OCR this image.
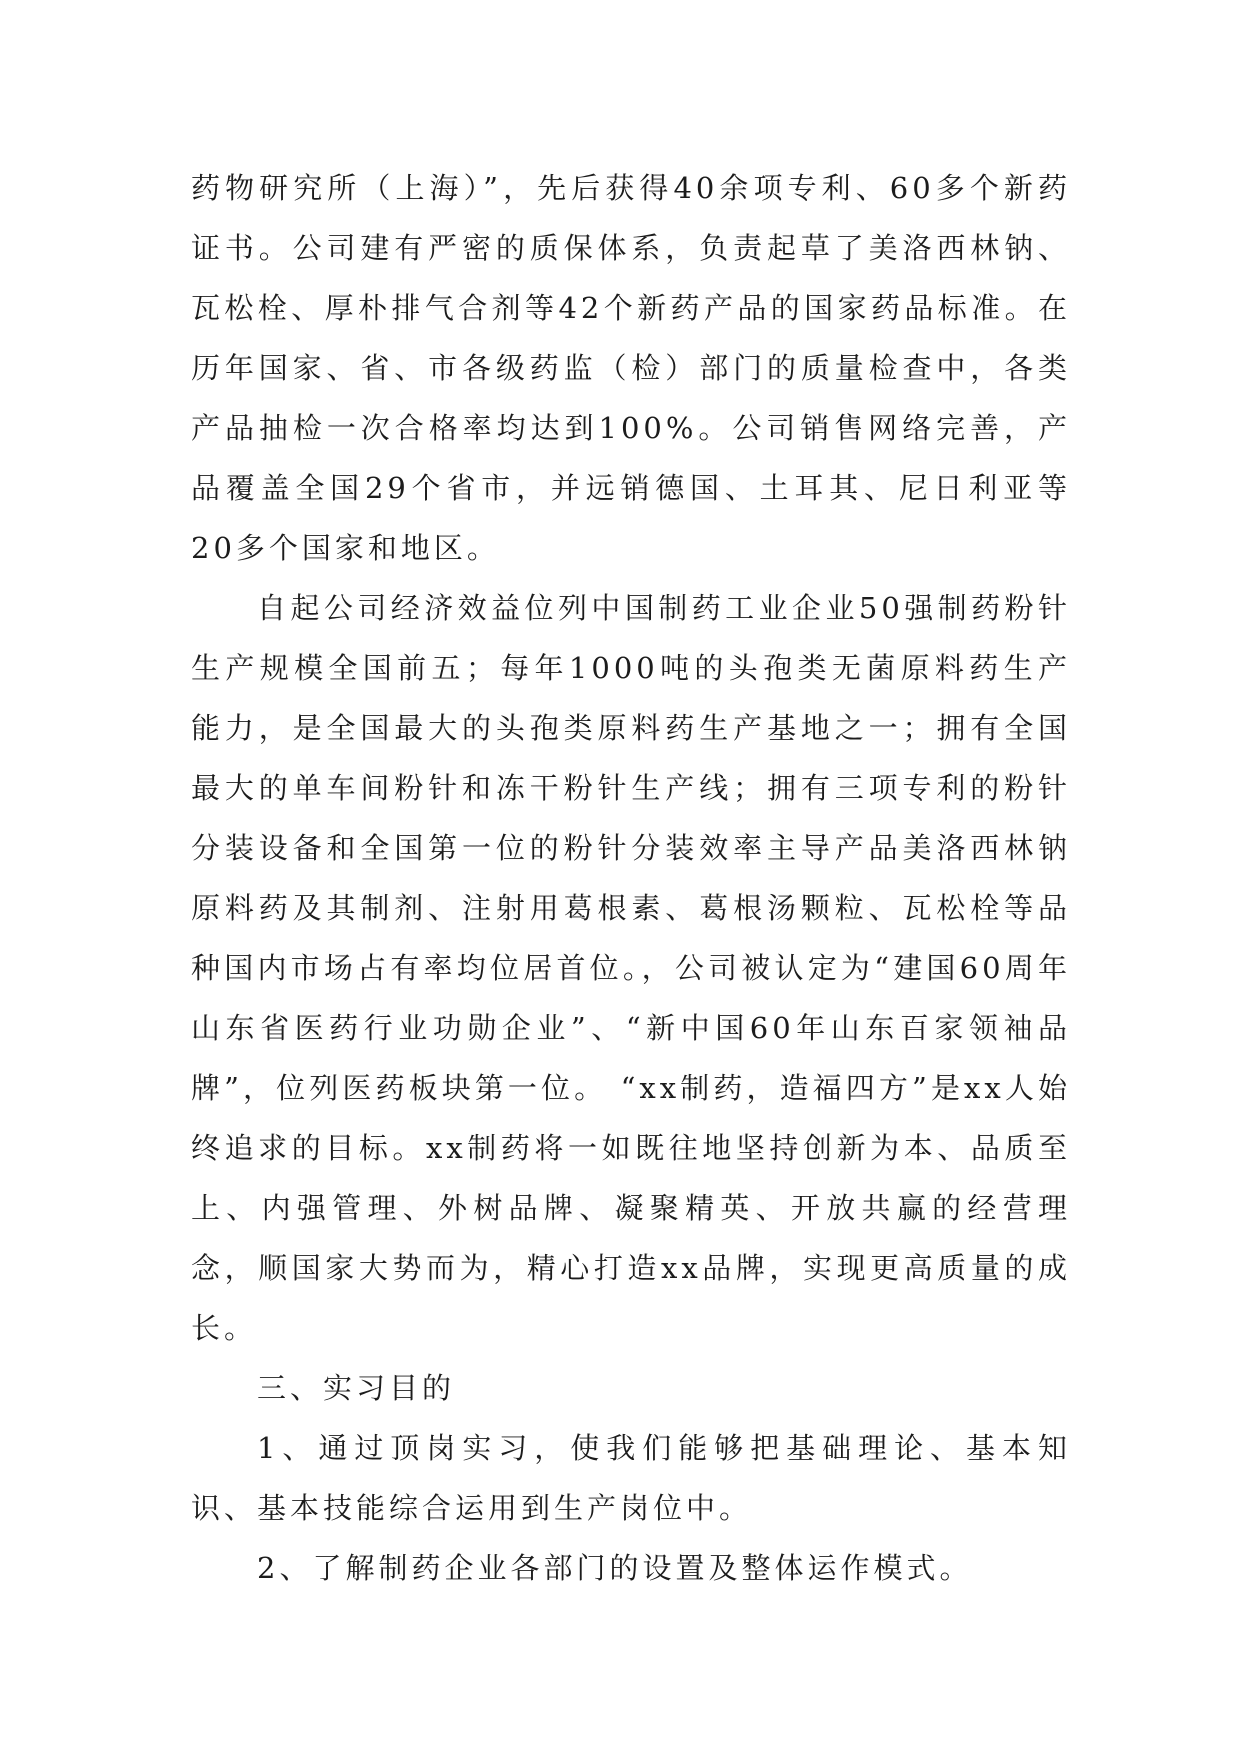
药物研究所（上海）”，先后获得40余项专利、60多个新药证书。公司建有严密的质保体系，负责起草了美洛西林钠、瓦松栓、厚朴排气合剂等42个新药产品的国家药品标准。在历年国家、省、市各级药监（检）部门的质量检查中，各类产品抽检一次合格率均达到100%。公司销售网络完善，产品覆盖全国29个省市，并远销德国、土耳其、尼日利亚等20多个国家和地区。

自起公司经济效益位列中国制药工业企业50强制药粉针生产规模全国前五；每年1000吨的头孢类无菌原料药生产能力，是全国最大的头孢类原料药生产基地之一；拥有全国最大的单车间粉针和冻干粉针生产线；拥有三项专利的粉针分装设备和全国第一位的粉针分装效率主导产品美洛西林钠原料药及其制剂、注射用葛根素、葛根汤颗粒、瓦松栓等品种国内市场占有率均位居首位。，公司被认定为“建国60周年山东省医药行业功勋企业”、“新中国60年山东百家领袖品牌”，位列医药板块第一位。 “xx制药，造福四方”是xx人始终追求的目标。xx制药将一如既往地坚持创新为本、品质至上、内强管理、外树品牌、凝聚精英、开放共赢的经营理念，顺国家大势而为，精心打造xx品牌，实现更高质量的成长。

三、实习目的

1、通过顶岗实习，使我们能够把基础理论、基本知识、基本技能综合运用到生产岗位中。

2、了解制药企业各部门的设置及整体运作模式。
